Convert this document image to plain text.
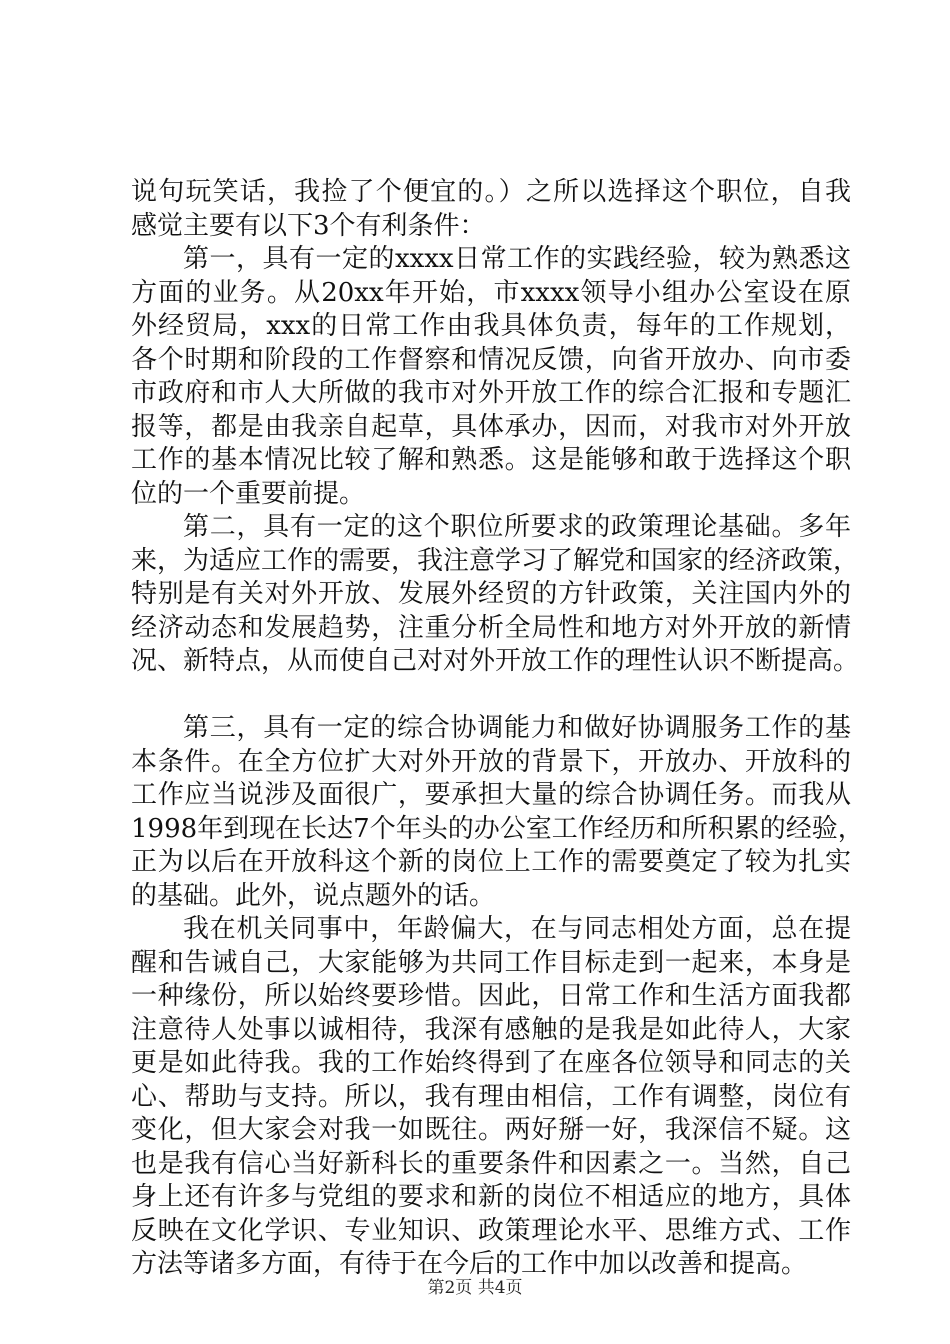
说句玩笑话，我捡了个便宜的。）之所以选择这个职位，自我
感觉主要有以下3个有利条件：
第一，具有一定的xxxx日常工作的实践经验，较为熟悉这
方面的业务。从20xx年开始，市xxxx领导小组办公室设在原
外经贸局，xxx的日常工作由我具体负责，每年的工作规划，
各个时期和阶段的工作督察和情况反馈，向省开放办、向市委
市政府和市人大所做的我市对外开放工作的综合汇报和专题汇
报等，都是由我亲自起草，具体承办，因而，对我市对外开放
工作的基本情况比较了解和熟悉。这是能够和敢于选择这个职
位的一个重要前提。
第二，具有一定的这个职位所要求的政策理论基础。多年
来，为适应工作的需要，我注意学习了解党和国家的经济政策，
特别是有关对外开放、发展外经贸的方针政策，关注国内外的
经济动态和发展趋势，注重分析全局性和地方对外开放的新情
况、新特点，从而使自己对对外开放工作的理性认识不断提高。
第三，具有一定的综合协调能力和做好协调服务工作的基
本条件。在全方位扩大对外开放的背景下，开放办、开放科的
工作应当说涉及面很广，要承担大量的综合协调任务。而我从
1998年到现在长达7个年头的办公室工作经历和所积累的经验，
正为以后在开放科这个新的岗位上工作的需要奠定了较为扎实
的基础。此外，说点题外的话。
我在机关同事中，年龄偏大，在与同志相处方面，总在提
醒和告诫自己，大家能够为共同工作目标走到一起来，本身是
一种缘份，所以始终要珍惜。因此，日常工作和生活方面我都
注意待人处事以诚相待，我深有感触的是我是如此待人，大家
更是如此待我。我的工作始终得到了在座各位领导和同志的关
心、帮助与支持。所以，我有理由相信，工作有调整，岗位有
变化，但大家会对我一如既往。两好掰一好，我深信不疑。这
也是我有信心当好新科长的重要条件和因素之一。当然，自己
身上还有许多与党组的要求和新的岗位不相适应的地方，具体
反映在文化学识、专业知识、政策理论水平、思维方式、工作
方法等诸多方面，有待于在今后的工作中加以改善和提高。
第2页 共4页
